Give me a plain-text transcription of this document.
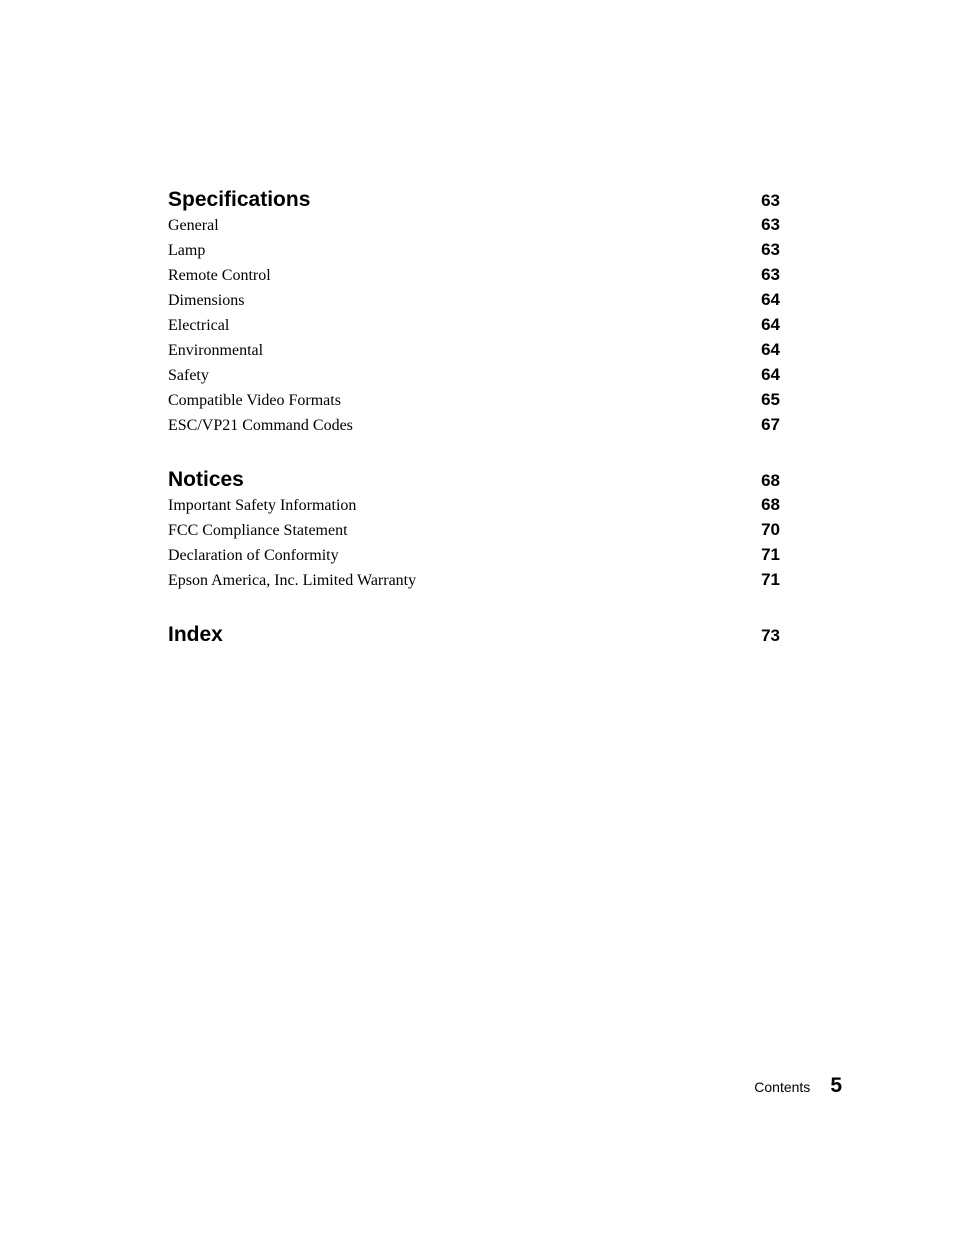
Specifications	63
General	63
Lamp	63
Remote Control	63
Dimensions	64
Electrical	64
Environmental	64
Safety	64
Compatible Video Formats	65
ESC/VP21 Command Codes	67
Notices	68
Important Safety Information	68
FCC Compliance Statement	70
Declaration of Conformity	71
Epson America, Inc. Limited Warranty	71
Index	73
Contents 5
